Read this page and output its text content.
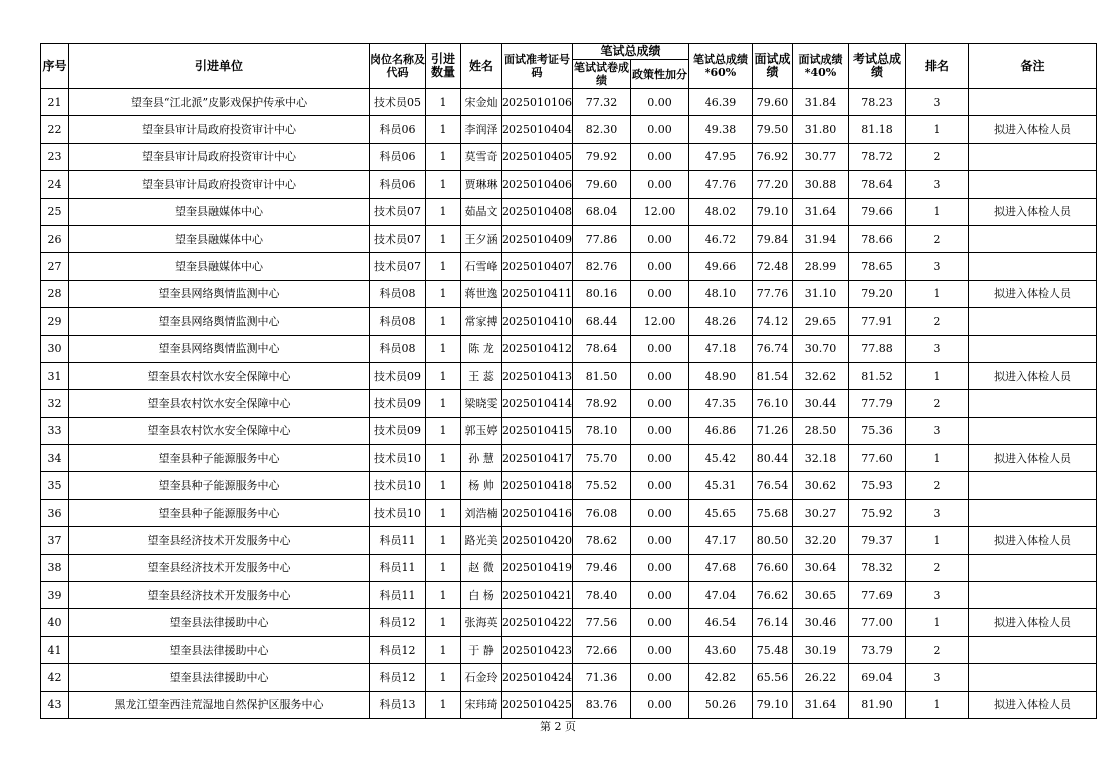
序号	引进单位	岗位名称及代码	引进数量	姓名	面试准考证号码	笔试总成绩		笔试总成绩*60%	面试成绩	面试成绩*40%	考试总成绩	排名	备注
						笔试试卷成绩	政策性加分						
21	望奎县“江北派”皮影戏保护传承中心	技术员05	1	宋金灿	2025010106	77.32	0.00	46.39	79.60	31.84	78.23	3	
22	望奎县审计局政府投资审计中心	科员06	1	李润泽	2025010404	82.30	0.00	49.38	79.50	31.80	81.18	1	拟进入体检人员
23	望奎县审计局政府投资审计中心	科员06	1	莫雪奇	2025010405	79.92	0.00	47.95	76.92	30.77	78.72	2	
24	望奎县审计局政府投资审计中心	科员06	1	贾琳琳	2025010406	79.60	0.00	47.76	77.20	30.88	78.64	3	
25	望奎县融媒体中心	技术员07	1	茹晶文	2025010408	68.04	12.00	48.02	79.10	31.64	79.66	1	拟进入体检人员
26	望奎县融媒体中心	技术员07	1	王夕涵	2025010409	77.86	0.00	46.72	79.84	31.94	78.66	2	
27	望奎县融媒体中心	技术员07	1	石雪峰	2025010407	82.76	0.00	49.66	72.48	28.99	78.65	3	
28	望奎县网络舆情监测中心	科员08	1	蒋世逸	2025010411	80.16	0.00	48.10	77.76	31.10	79.20	1	拟进入体检人员
29	望奎县网络舆情监测中心	科员08	1	常家搏	2025010410	68.44	12.00	48.26	74.12	29.65	77.91	2	
30	望奎县网络舆情监测中心	科员08	1	陈 龙	2025010412	78.64	0.00	47.18	76.74	30.70	77.88	3	
31	望奎县农村饮水安全保障中心	技术员09	1	王 蕊	2025010413	81.50	0.00	48.90	81.54	32.62	81.52	1	拟进入体检人员
32	望奎县农村饮水安全保障中心	技术员09	1	梁晓雯	2025010414	78.92	0.00	47.35	76.10	30.44	77.79	2	
33	望奎县农村饮水安全保障中心	技术员09	1	郭玉婷	2025010415	78.10	0.00	46.86	71.26	28.50	75.36	3	
34	望奎县种子能源服务中心	技术员10	1	孙 慧	2025010417	75.70	0.00	45.42	80.44	32.18	77.60	1	拟进入体检人员
35	望奎县种子能源服务中心	技术员10	1	杨 帅	2025010418	75.52	0.00	45.31	76.54	30.62	75.93	2	
36	望奎县种子能源服务中心	技术员10	1	刘浩楠	2025010416	76.08	0.00	45.65	75.68	30.27	75.92	3	
37	望奎县经济技术开发服务中心	科员11	1	路光美	2025010420	78.62	0.00	47.17	80.50	32.20	79.37	1	拟进入体检人员
38	望奎县经济技术开发服务中心	科员11	1	赵 微	2025010419	79.46	0.00	47.68	76.60	30.64	78.32	2	
39	望奎县经济技术开发服务中心	科员11	1	白 杨	2025010421	78.40	0.00	47.04	76.62	30.65	77.69	3	
40	望奎县法律援助中心	科员12	1	张海英	2025010422	77.56	0.00	46.54	76.14	30.46	77.00	1	拟进入体检人员
41	望奎县法律援助中心	科员12	1	于 静	2025010423	72.66	0.00	43.60	75.48	30.19	73.79	2	
42	望奎县法律援助中心	科员12	1	石金玲	2025010424	71.36	0.00	42.82	65.56	26.22	69.04	3	
43	黑龙江望奎西洼荒湿地自然保护区服务中心	科员13	1	宋玮琦	2025010425	83.76	0.00	50.26	79.10	31.64	81.90	1	拟进入体检人员
第 2 页
